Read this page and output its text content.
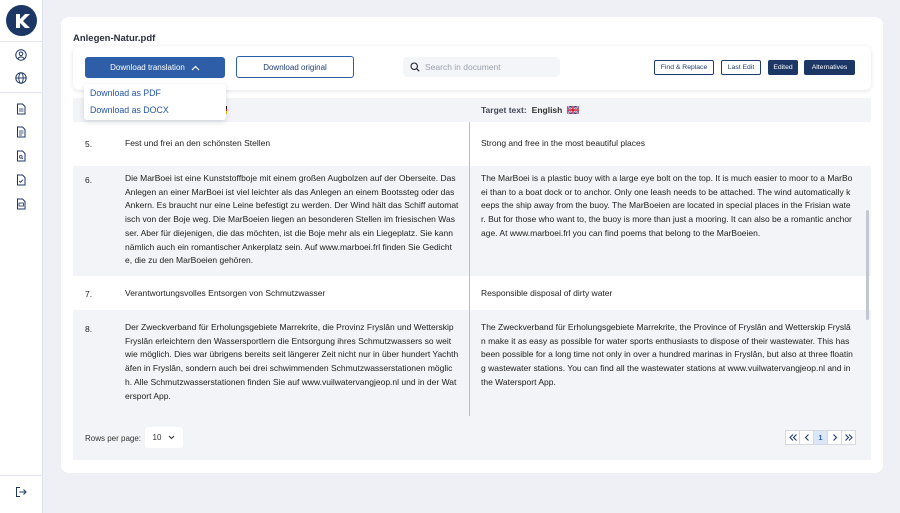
Anlegen-Natur.pdf
Download translation	Download original
Search in document	Find & Replace	Last Edit	Edited	Alternatives
Target text: English
Download as PDF
Download as DOCX
5.	Fest und frei an den schönsten Stellen	Strong and free in the most beautiful places
6.	Die MarBoei ist eine Kunststoffboje mit einem großen Augbolzen auf der Oberseite. Das Anlegen an einer MarBoei ist viel leichter als das Anlegen an einem Bootssteg oder das Ankern. Es braucht nur eine Leine befestigt zu werden. Der Wind hält das Schiff automatisch von der Boje weg. Die MarBoeien liegen an besonderen Stellen im friesischen Wasser. Aber für diejenigen, die das möchten, ist die Boje mehr als ein Liegeplatz. Sie kann nämlich auch ein romantischer Ankerplatz sein. Auf www.marboei.frl finden Sie Gedichte, die zu den MarBoeien gehören.
The MarBoei is a plastic buoy with a large eye bolt on the top. It is much easier to moor to a MarBoei than to a boat dock or to anchor. Only one leash needs to be attached. The wind automatically keeps the ship away from the buoy. The MarBoeien are located in special places in the Frisian water. But for those who want to, the buoy is more than just a mooring. It can also be a romantic anchorage. At www.marboei.frl you can find poems that belong to the MarBoeien.
7.	Verantwortungsvolles Entsorgen von Schmutzwasser	Responsible disposal of dirty water
8.	Der Zweckverband für Erholungsgebiete Marrekrite, die Provinz Fryslân und Wetterskip Fryslân erleichtern den Wassersportlern die Entsorgung ihres Schmutzwassers so weit wie möglich. Dies war übrigens bereits seit längerer Zeit nicht nur in über hundert Yachthäfen in Fryslân, sondern auch bei drei schwimmenden Schmutzwasserstationen möglich. Alle Schmutzwasserstationen finden Sie auf www.vuilwatervangjeop.nl und in der Watersport App.
The Zweckverband für Erholungsgebiete Marrekrite, the Province of Fryslân and Wetterskip Fryslân make it as easy as possible for water sports enthusiasts to dispose of their wastewater. This has been possible for a long time not only in over a hundred marinas in Fryslân, but also at three floating wastewater stations. You can find all the wastewater stations at www.vuilwatervangjeop.nl and in the Watersport App.
Rows per page: 10	1
